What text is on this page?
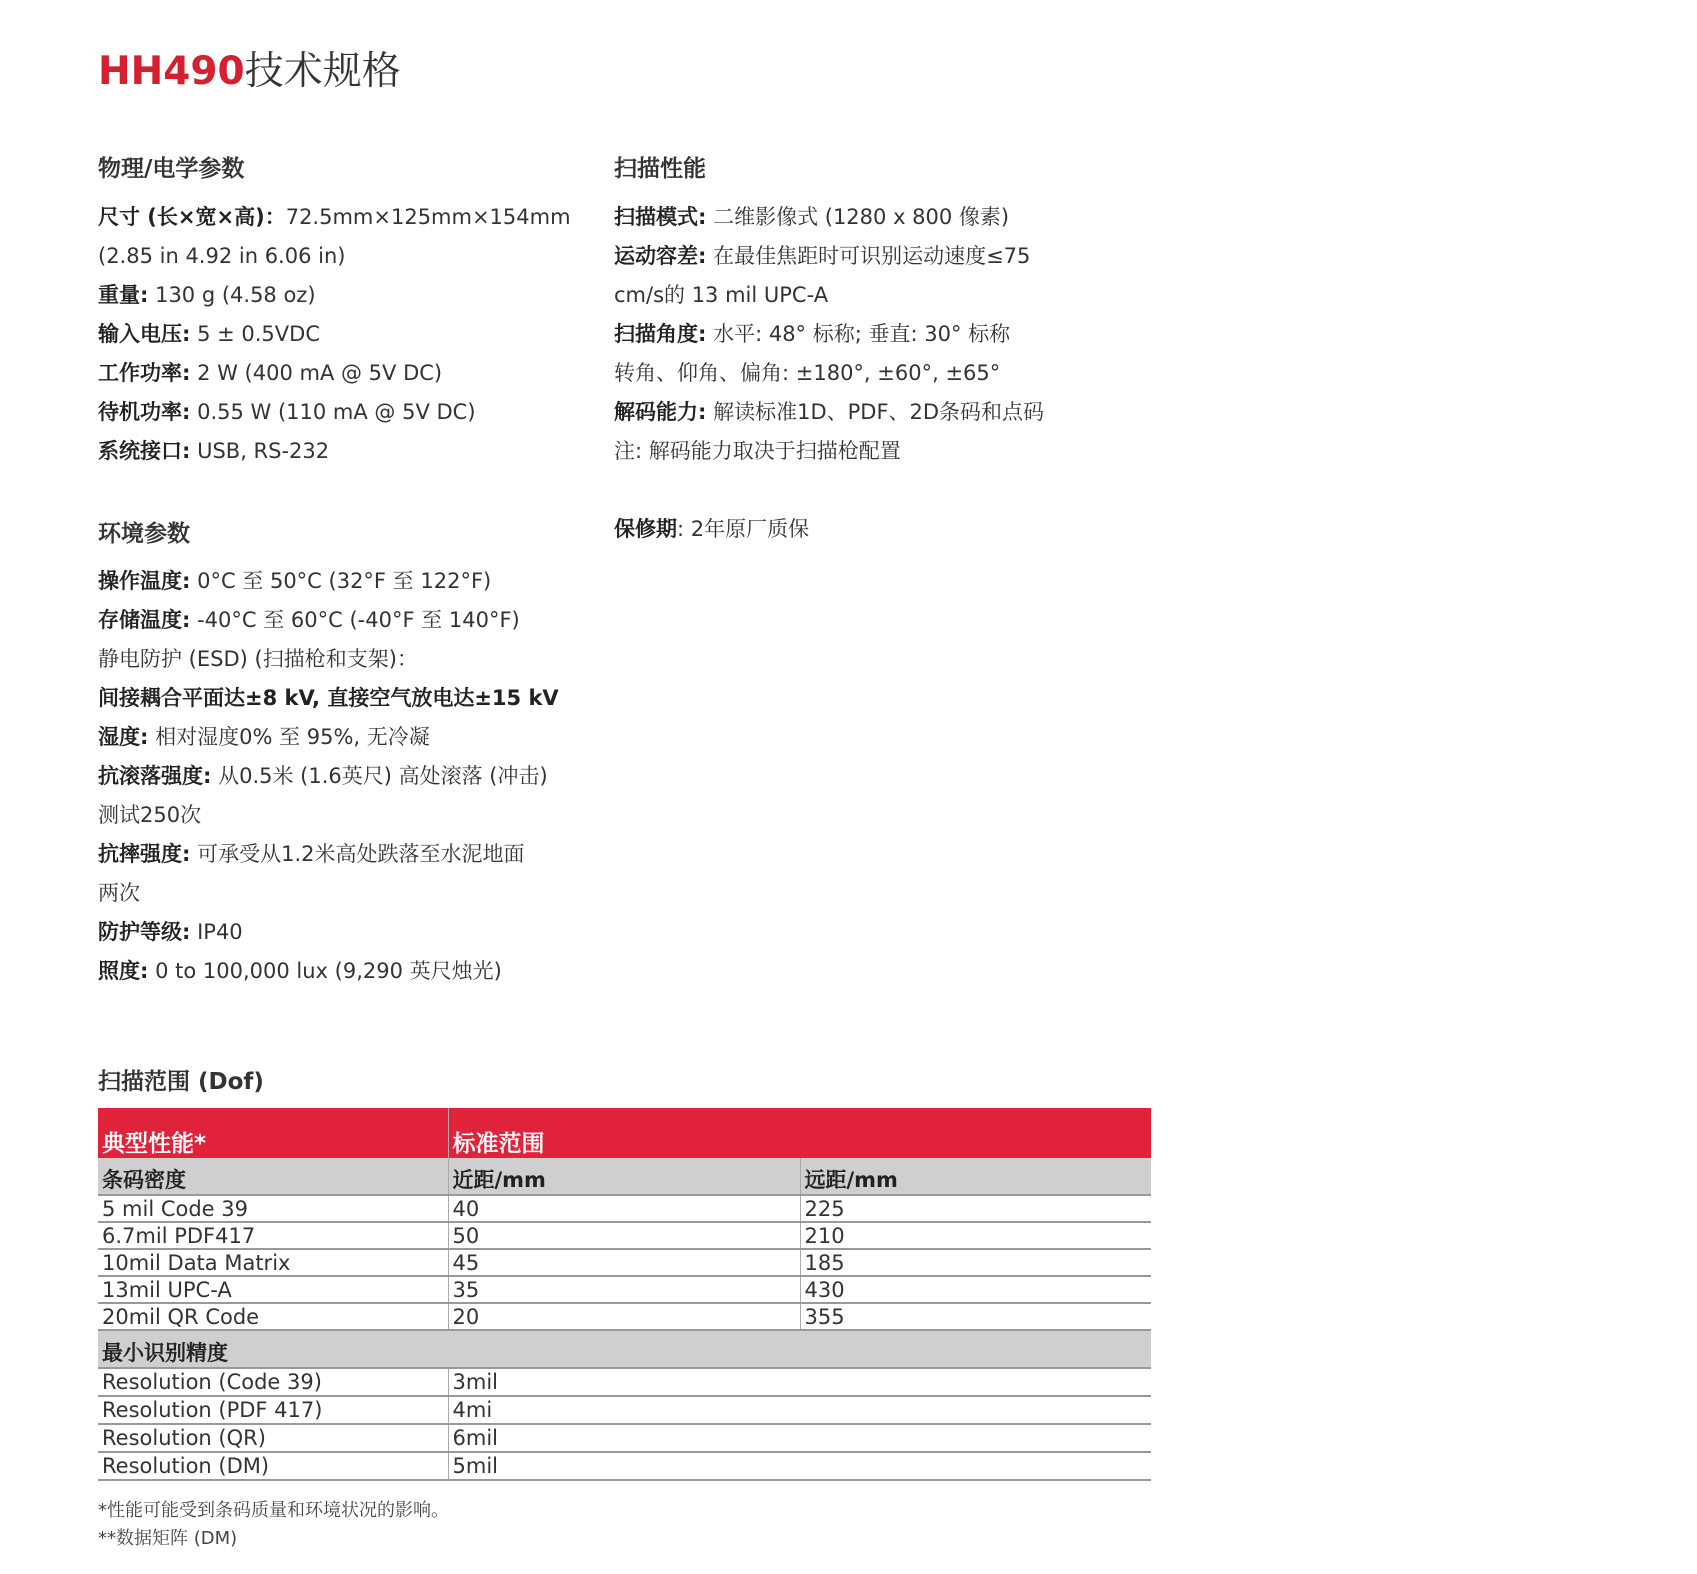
HH490技术规格
物理/电学参数
尺寸 (长×宽×高)：72.5mm×125mm×154mm
(2.85 in 4.92 in 6.06 in)
重量: 130 g (4.58 oz)
输入电压: 5 ± 0.5VDC
工作功率: 2 W (400 mA @ 5V DC)
待机功率: 0.55 W (110 mA @ 5V DC)
系统接口: USB, RS-232
扫描性能
扫描模式: 二维影像式 (1280 x 800 像素)
运动容差: 在最佳焦距时可识别运动速度≤75
cm/s的 13 mil UPC-A
扫描角度: 水平: 48° 标称; 垂直: 30° 标称
转角、仰角、偏角: ±180°, ±60°, ±65°
解码能力: 解读标准1D、PDF、2D条码和点码
注: 解码能力取决于扫描枪配置
保修期: 2年原厂质保
环境参数
操作温度: 0°C 至 50°C (32°F 至 122°F)
存储温度: -40°C 至 60°C (-40°F 至 140°F)
静电防护 (ESD) (扫描枪和支架)：
间接耦合平面达±8 kV, 直接空气放电达±15 kV
湿度: 相对湿度0% 至 95%, 无冷凝
抗滚落强度: 从0.5米 (1.6英尺) 高处滚落 (冲击)
测试250次
抗摔强度: 可承受从1.2米高处跌落至水泥地面
两次
防护等级: IP40
照度: 0 to 100,000 lux (9,290 英尺烛光)
扫描范围 (Dof)
典型性能*	标准范围	
条码密度	近距/mm	远距/mm
5 mil Code 39	40	225
6.7mil PDF417	50	210
10mil Data Matrix	45	185
13mil UPC-A	35	430
20mil QR Code	20	355
最小识别精度		
Resolution (Code 39)	3mil	
Resolution (PDF 417)	4mi	
Resolution (QR)	6mil	
Resolution (DM)	5mil	
*性能可能受到条码质量和环境状况的影响。
**数据矩阵 (DM)
